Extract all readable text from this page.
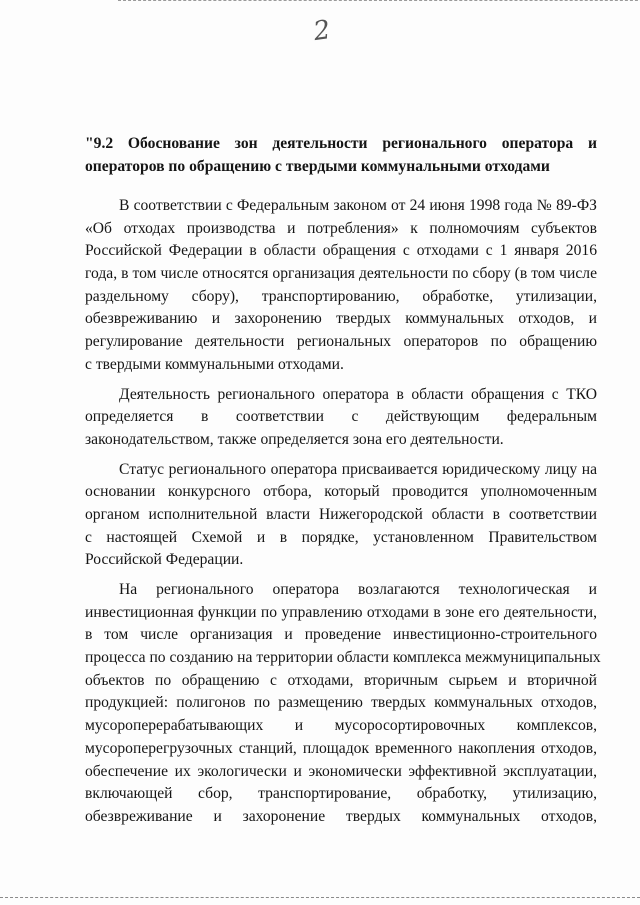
2
"9.2 Обоснование зон деятельности регионального оператора и
операторов по обращению с твердыми коммунальными отходами

В соответствии с Федеральным законом от 24 июня 1998 года № 89-ФЗ
«Об отходах производства и потребления» к полномочиям субъектов
Российской Федерации в области обращения с отходами с 1 января 2016
года, в том числе относятся организация деятельности по сбору (в том числе
раздельному сбору), транспортированию, обработке, утилизации,
обезвреживанию и захоронению твердых коммунальных отходов, и
регулирование деятельности региональных операторов по обращению
с твердыми коммунальными отходами.

Деятельность регионального оператора в области обращения с ТКО
определяется в соответствии с действующим федеральным
законодательством, также определяется зона его деятельности.

Статус регионального оператора присваивается юридическому лицу на
основании конкурсного отбора, который проводится уполномоченным
органом исполнительной власти Нижегородской области в соответствии
с настоящей Схемой и в порядке, установленном Правительством
Российской Федерации.

На регионального оператора возлагаются технологическая и
инвестиционная функции по управлению отходами в зоне его деятельности,
в том числе организация и проведение инвестиционно-строительного
процесса по созданию на территории области комплекса межмуниципальных
объектов по обращению с отходами, вторичным сырьем и вторичной
продукцией: полигонов по размещению твердых коммунальных отходов,
мусороперерабатывающих и мусоросортировочных комплексов,
мусороперегрузочных станций, площадок временного накопления отходов,
обеспечение их экологически и экономически эффективной эксплуатации,
включающей сбор, транспортирование, обработку, утилизацию,
обезвреживание и захоронение твердых коммунальных отходов,
